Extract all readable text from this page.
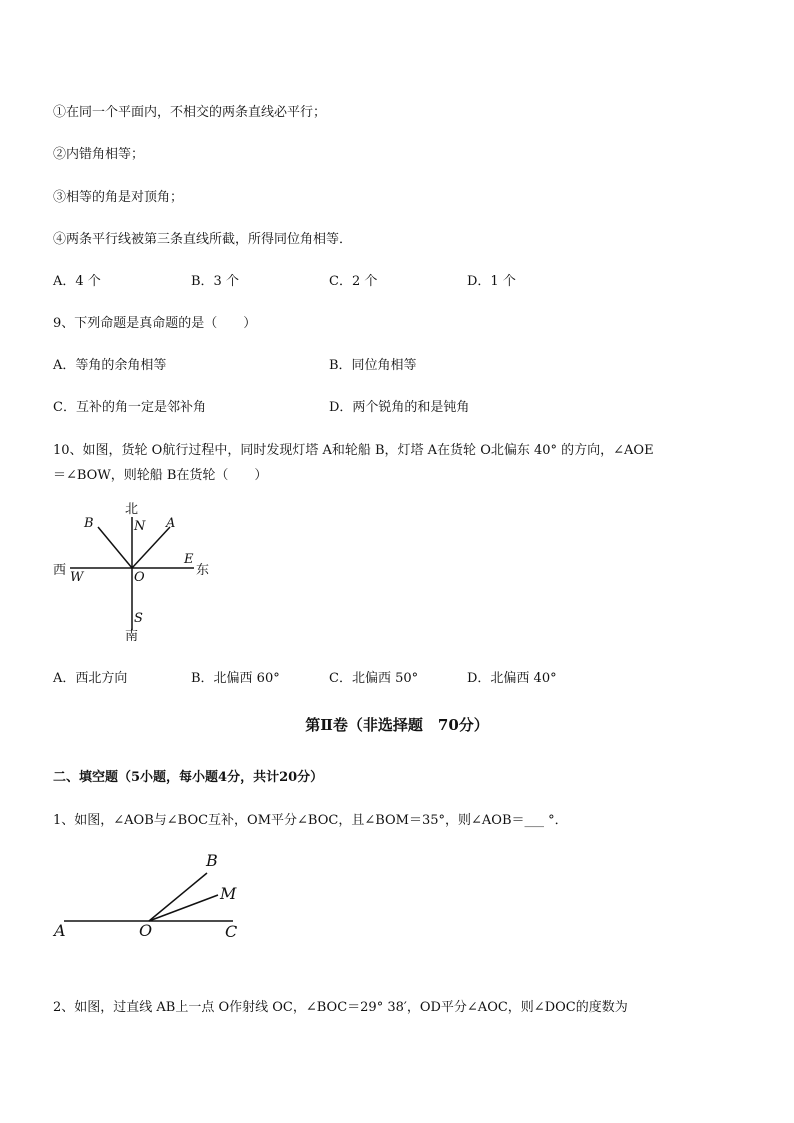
①在同一个平面内，不相交的两条直线必平行；
②内错角相等；
③相等的角是对顶角；
④两条平行线被第三条直线所截，所得同位角相等．
A．4 个	B．3 个	C．2 个	D．1 个
9、下列命题是真命题的是（　　）
A．等角的余角相等	B．同位角相等
C．互补的角一定是邻补角	D．两个锐角的和是钝角
10、如图，货轮 O航行过程中，同时发现灯塔 A和轮船 B，灯塔 A在货轮 O北偏东 40° 的方向，∠AOE
＝∠BOW，则轮船 B在货轮（　　）
北
N A
B
西 W	O
E
东
S
南
A．西北方向	B．北偏西 60°	C．北偏西 50°	D．北偏西 40°
第Ⅱ卷（非选择题　70分）
二、填空题（5小题，每小题4分，共计20分）
1、如图，∠AOB与∠BOC互补，OM平分∠BOC，且∠BOM＝35°，则∠AOB＝___ °．
A	O	C
B
M
2、如图，过直线 AB上一点 O作射线 OC，∠BOC＝29° 38′，OD平分∠AOC，则∠DOC的度数为
